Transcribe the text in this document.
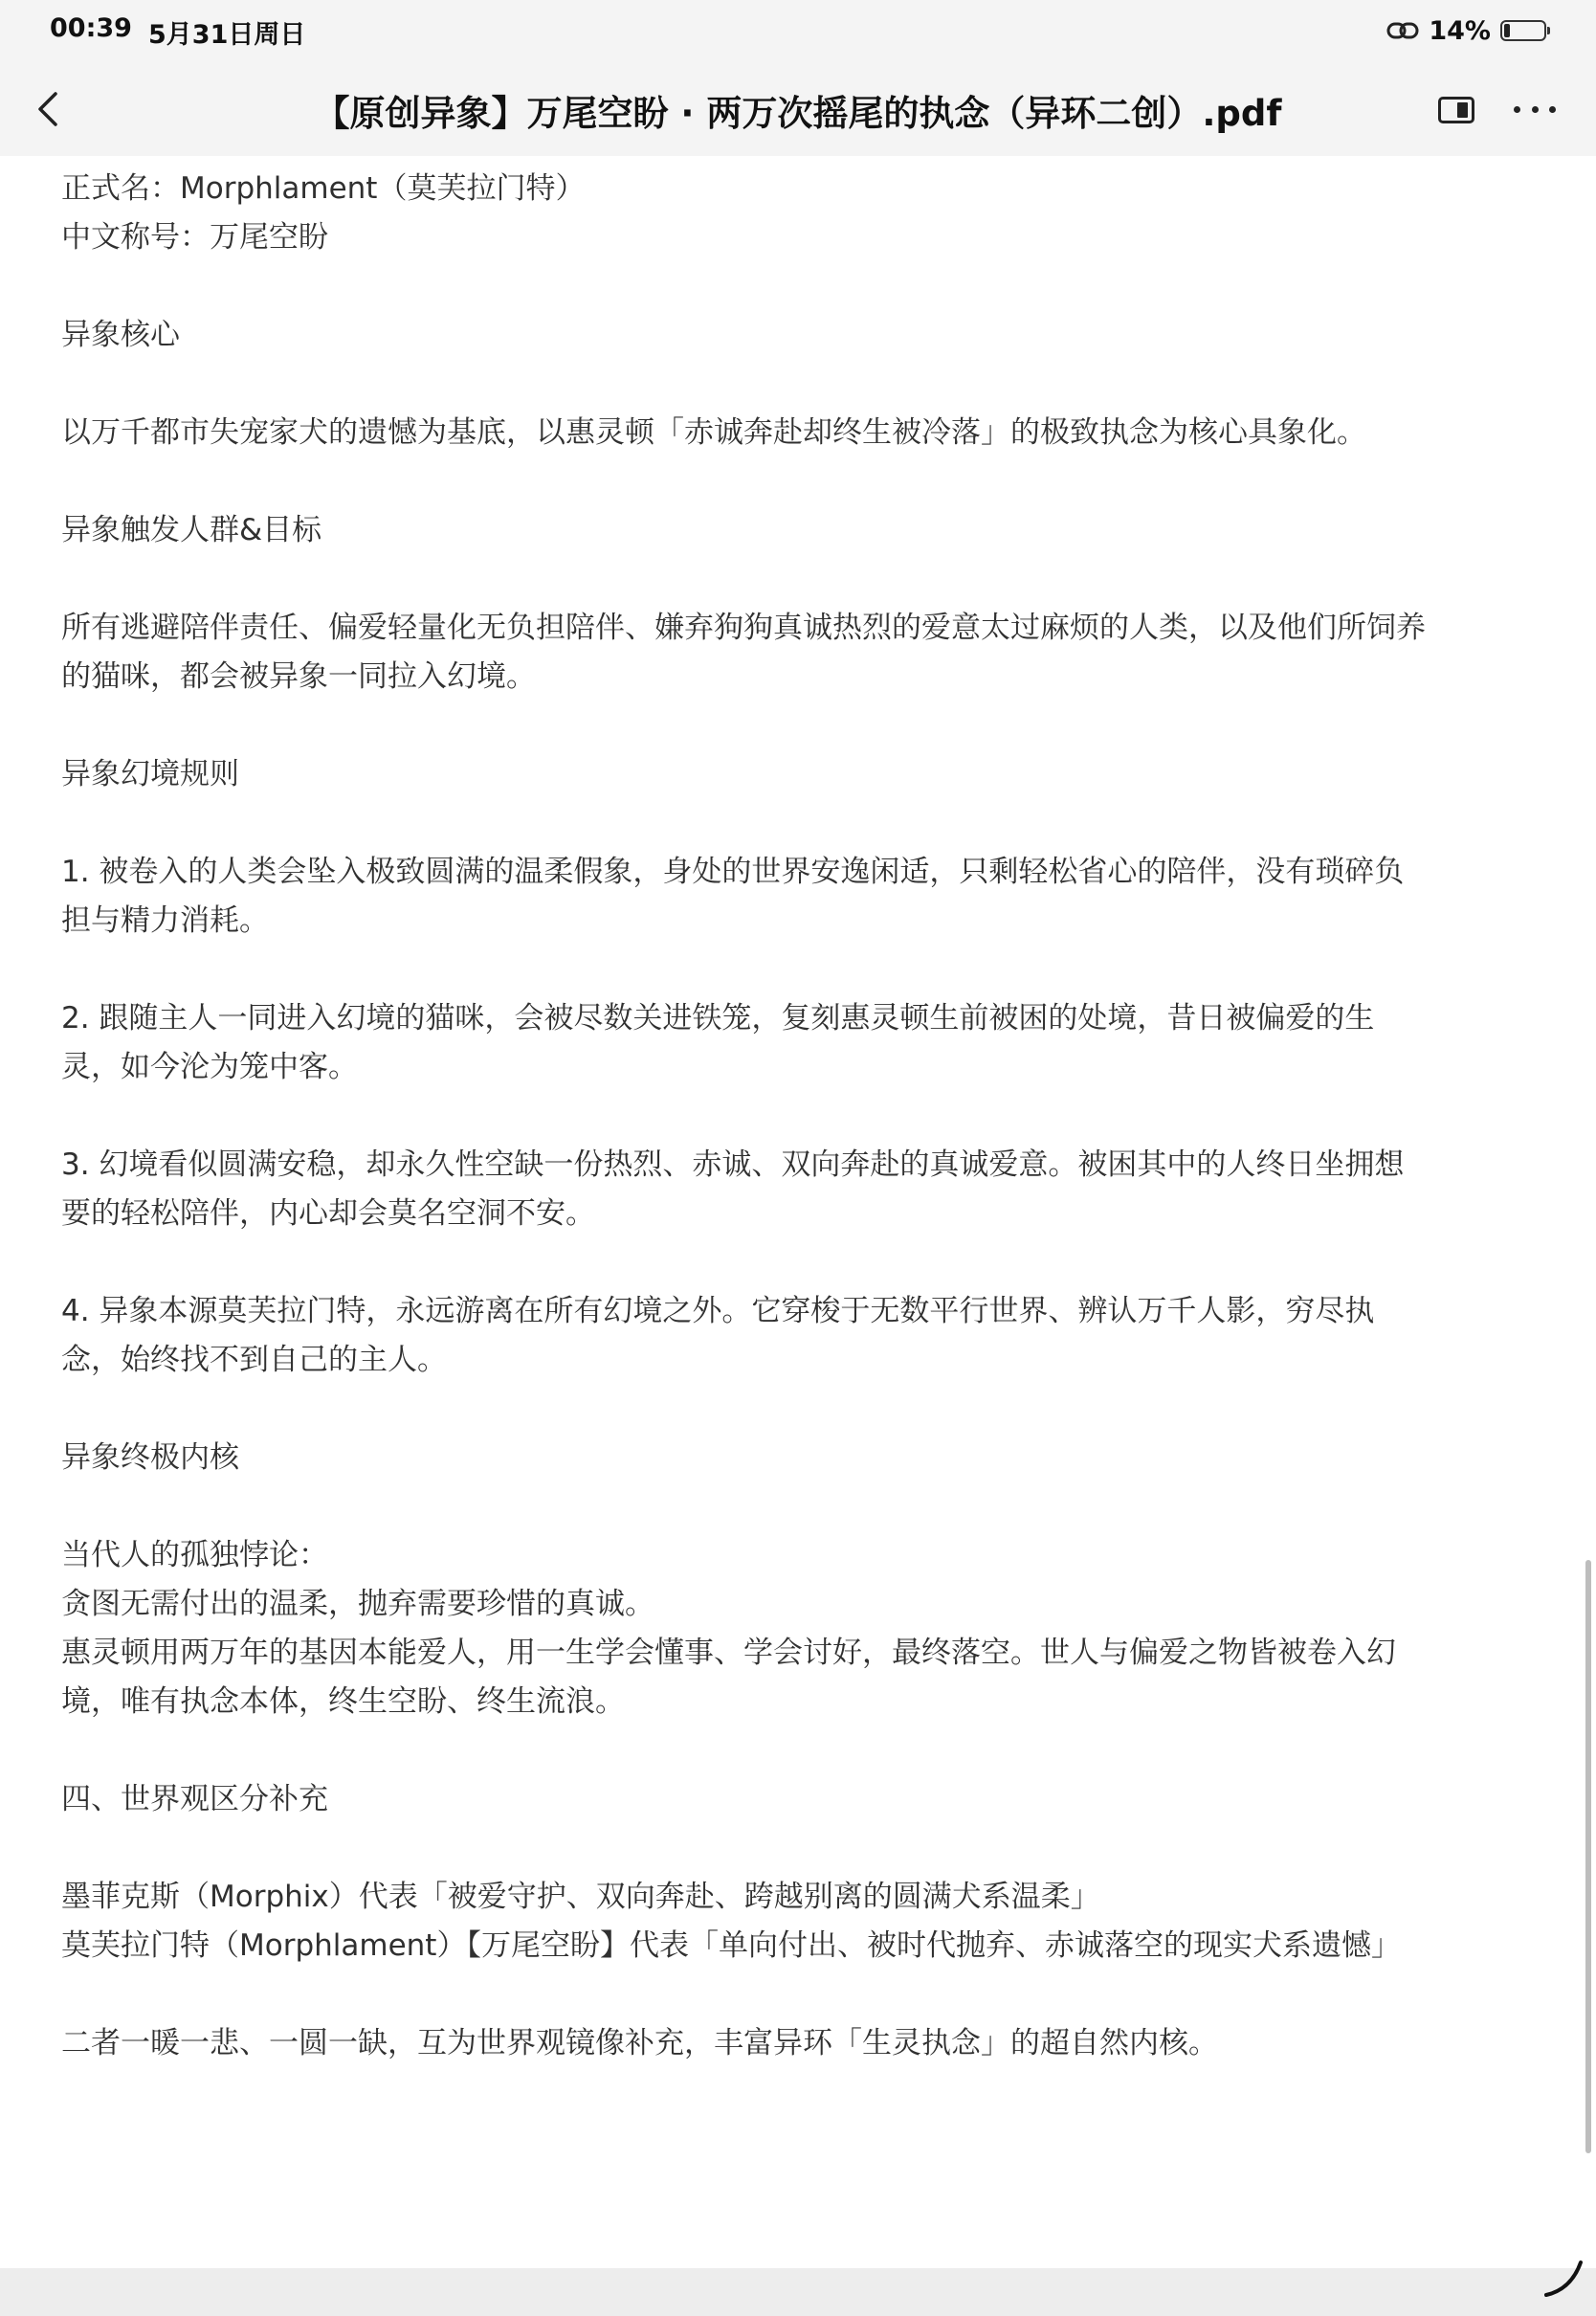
00:39 5月31日周日	14%
【原创异象】万尾空盼 · 两万次摇尾的执念（异环二创）.pdf
正式名：Morphlament（莫芙拉门特）
中文称号：万尾空盼
异象核心
以万千都市失宠家犬的遗憾为基底，以惠灵顿「赤诚奔赴却终生被冷落」的极致执念为核心具象化。
异象触发人群&目标
所有逃避陪伴责任、偏爱轻量化无负担陪伴、嫌弃狗狗真诚热烈的爱意太过麻烦的人类，以及他们所饲养
的猫咪，都会被异象一同拉入幻境。
异象幻境规则
1. 被卷入的人类会坠入极致圆满的温柔假象，身处的世界安逸闲适，只剩轻松省心的陪伴，没有琐碎负
担与精力消耗。
2. 跟随主人一同进入幻境的猫咪，会被尽数关进铁笼，复刻惠灵顿生前被困的处境，昔日被偏爱的生
灵，如今沦为笼中客。
3. 幻境看似圆满安稳，却永久性空缺一份热烈、赤诚、双向奔赴的真诚爱意。被困其中的人终日坐拥想
要的轻松陪伴，内心却会莫名空洞不安。
4. 异象本源莫芙拉门特，永远游离在所有幻境之外。它穿梭于无数平行世界、辨认万千人影，穷尽执
念，始终找不到自己的主人。
异象终极内核
当代人的孤独悖论：
贪图无需付出的温柔，抛弃需要珍惜的真诚。
惠灵顿用两万年的基因本能爱人，用一生学会懂事、学会讨好，最终落空。世人与偏爱之物皆被卷入幻
境，唯有执念本体，终生空盼、终生流浪。
四、世界观区分补充
墨菲克斯（Morphix）代表「被爱守护、双向奔赴、跨越别离的圆满犬系温柔」
莫芙拉门特（Morphlament）【万尾空盼】代表「单向付出、被时代抛弃、赤诚落空的现实犬系遗憾」
二者一暖一悲、一圆一缺，互为世界观镜像补充，丰富异环「生灵执念」的超自然内核。
